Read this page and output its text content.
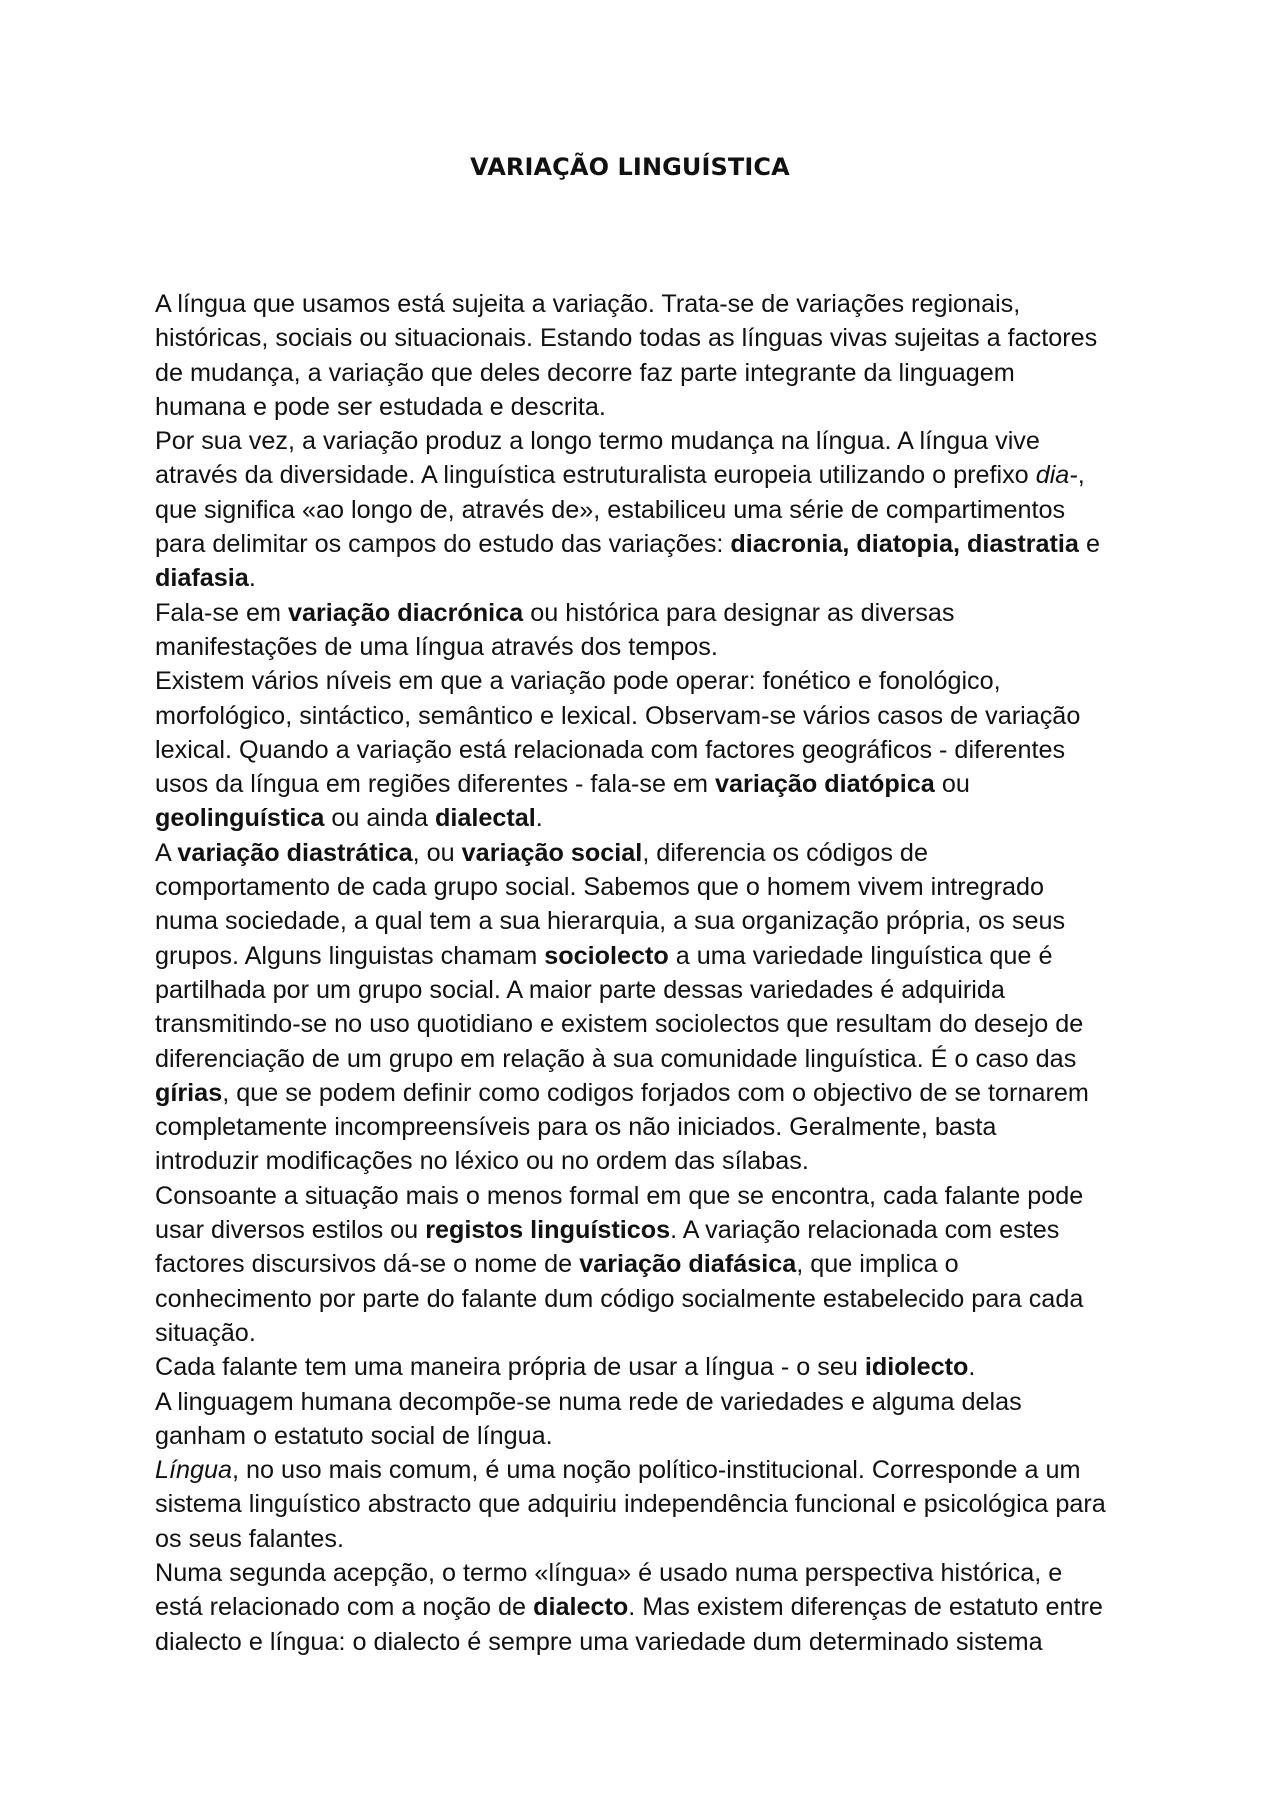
VARIAÇÃO LINGUÍSTICA

A língua que usamos está sujeita a variação. Trata-se de variações regionais,
históricas, sociais ou situacionais. Estando todas as línguas vivas sujeitas a factores
de mudança, a variação que deles decorre faz parte integrante da linguagem
humana e pode ser estudada e descrita.

Por sua vez, a variação produz a longo termo mudança na língua. A língua vive
através da diversidade. A linguística estruturalista europeia utilizando o prefixo dia-,
que significa «ao longo de, através de», estabiliceu uma série de compartimentos
para delimitar os campos do estudo das variações: diacronia, diatopia, diastratia e
diafasia.

Fala-se em variação diacrónica ou histórica para designar as diversas
manifestações de uma língua através dos tempos.

Existem vários níveis em que a variação pode operar: fonético e fonológico,
morfológico, sintáctico, semântico e lexical. Observam-se vários casos de variação
lexical. Quando a variação está relacionada com factores geográficos - diferentes
usos da língua em regiões diferentes - fala-se em variação diatópica ou
geolinguística ou ainda dialectal.

A variação diastrática, ou variação social, diferencia os códigos de
comportamento de cada grupo social. Sabemos que o homem vivem intregrado
numa sociedade, a qual tem a sua hierarquia, a sua organização própria, os seus
grupos. Alguns linguistas chamam sociolecto a uma variedade linguística que é
partilhada por um grupo social. A maior parte dessas variedades é adquirida
transmitindo-se no uso quotidiano e existem sociolectos que resultam do desejo de
diferenciação de um grupo em relação à sua comunidade linguística. É o caso das
gírias, que se podem definir como codigos forjados com o objectivo de se tornarem
completamente incompreensíveis para os não iniciados. Geralmente, basta
introduzir modificações no léxico ou no ordem das sílabas.

Consoante a situação mais o menos formal em que se encontra, cada falante pode
usar diversos estilos ou registos linguísticos. A variação relacionada com estes
factores discursivos dá-se o nome de variação diafásica, que implica o
conhecimento por parte do falante dum código socialmente estabelecido para cada
situação.

Cada falante tem uma maneira própria de usar a língua - o seu idiolecto.

A linguagem humana decompõe-se numa rede de variedades e alguma delas
ganham o estatuto social de língua.

Língua, no uso mais comum, é uma noção político-institucional. Corresponde a um
sistema linguístico abstracto que adquiriu independência funcional e psicológica para
os seus falantes.

Numa segunda acepção, o termo «língua» é usado numa perspectiva histórica, e
está relacionado com a noção de dialecto. Mas existem diferenças de estatuto entre
dialecto e língua: o dialecto é sempre uma variedade dum determinado sistema
